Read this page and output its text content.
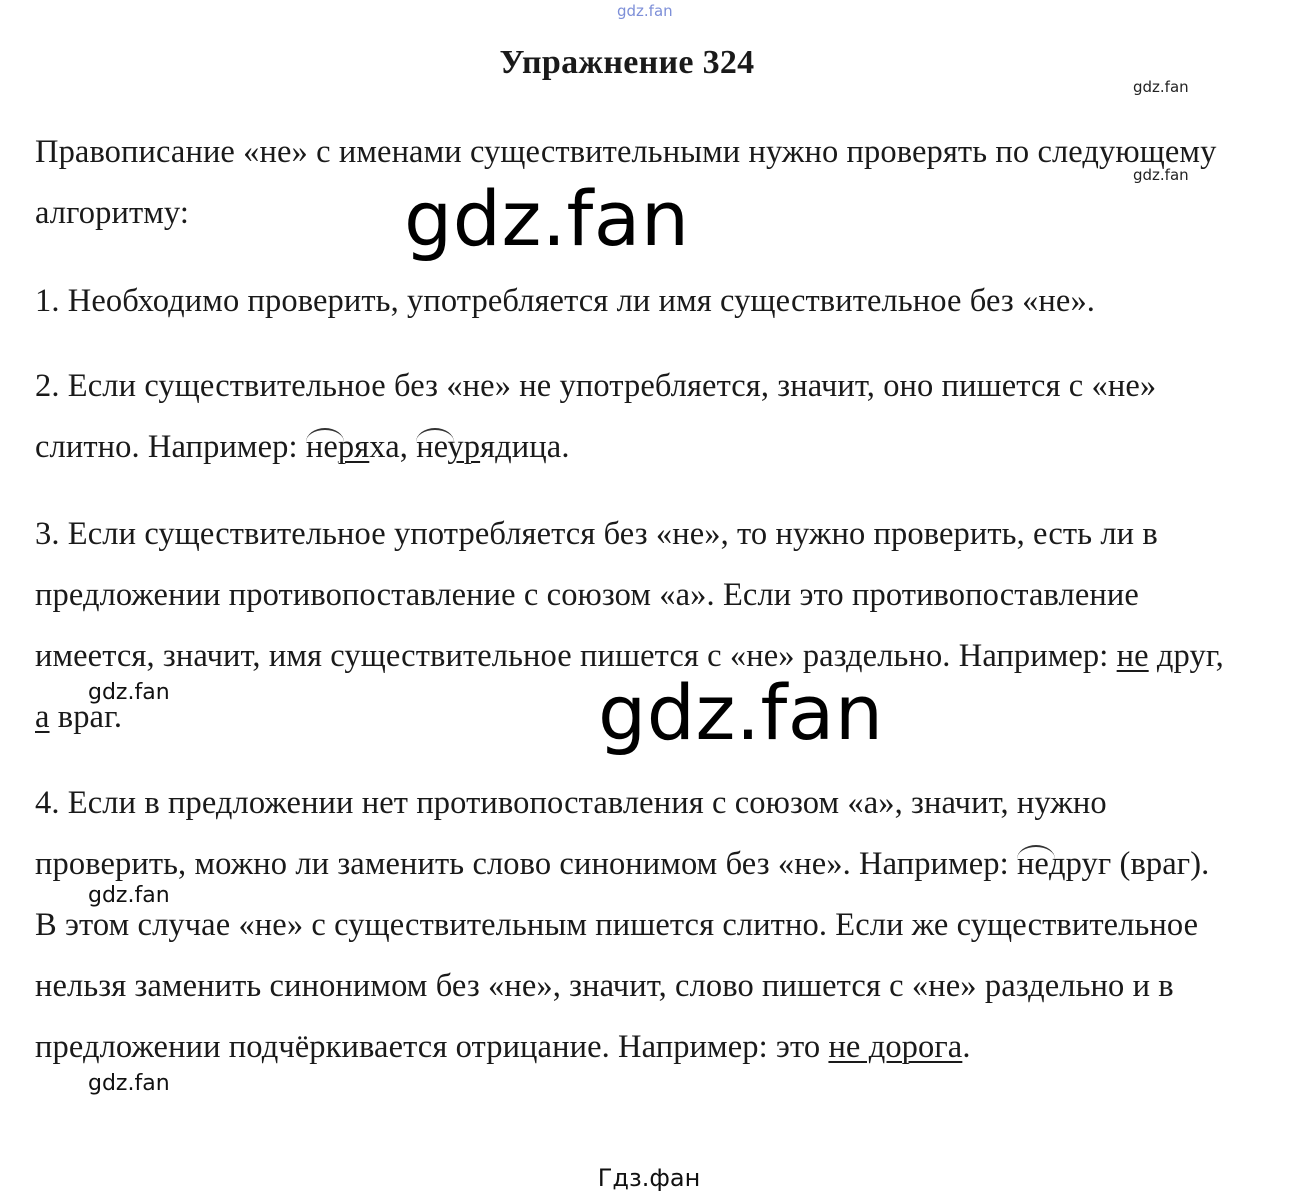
gdz.fan
Упражнение 324
gdz.fan
gdz.fan

Правописание «не» с именами существительными нужно проверять по следующему алгоритму:

1. Необходимо проверить, употребляется ли имя существительное без «не».

2. Если существительное без «не» не употребляется, значит, оно пишется с «не» слитно. Например: неряха, неурядица.

3. Если существительное употребляется без «не», то нужно проверить, есть ли в предложении противопоставление с союзом «а». Если это противопоставление имеется, значит, имя существительное пишется с «не» раздельно. Например: не друг, а враг.

4. Если в предложении нет противопоставления с союзом «а», значит, нужно проверить, можно ли заменить слово синонимом без «не». Например: недруг (враг). В этом случае «не» с существительным пишется слитно. Если же существительное нельзя заменить синонимом без «не», значит, слово пишется с «не» раздельно и в предложении подчёркивается отрицание. Например: это не дорога.

gdz.fan
gdz.fan
gdz.fan
gdz.fan
gdz.fan
Гдз.фан
